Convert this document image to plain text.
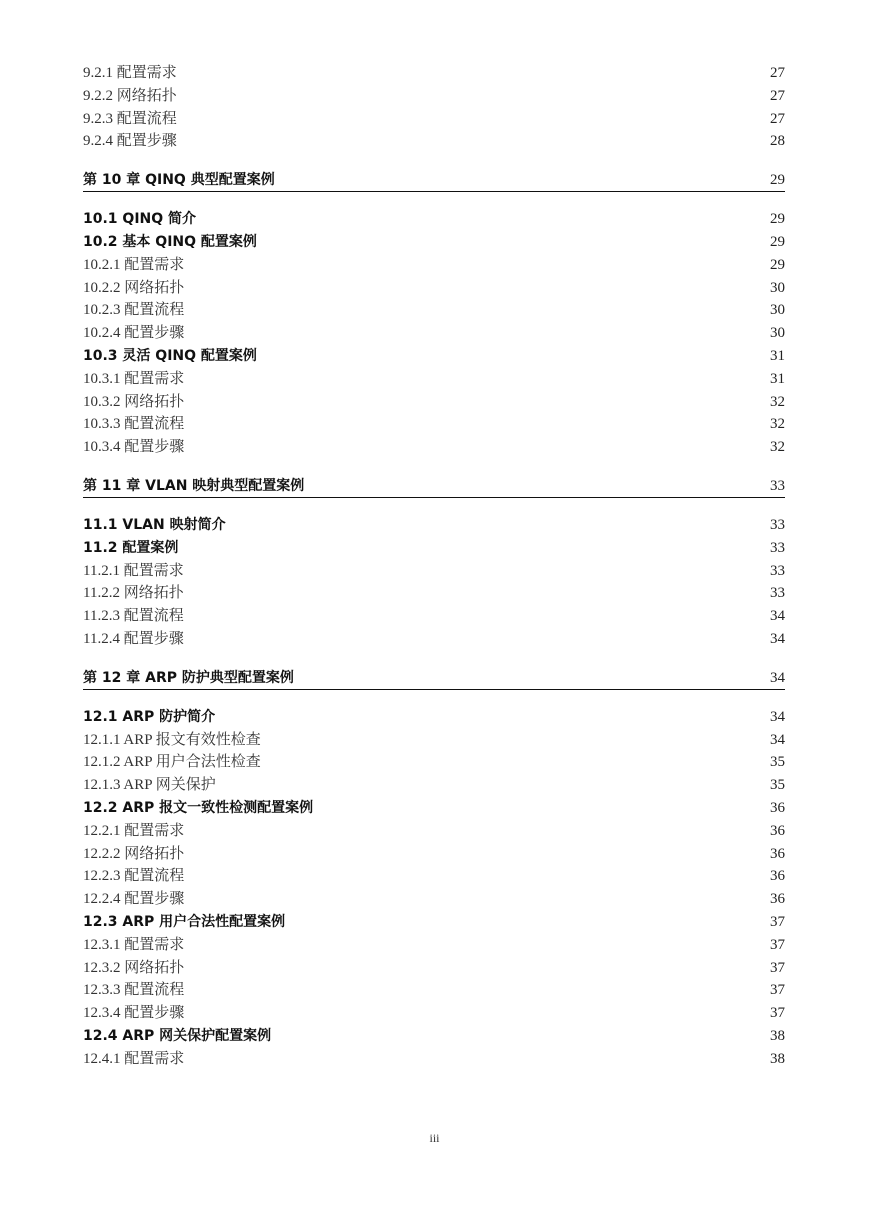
9.2.1 配置需求	27
9.2.2 网络拓扑	27
9.2.3 配置流程	27
9.2.4 配置步骤	28
第 10 章 QINQ 典型配置案例	29
10.1 QINQ 简介	29
10.2 基本 QINQ 配置案例	29
10.2.1 配置需求	29
10.2.2 网络拓扑	30
10.2.3 配置流程	30
10.2.4 配置步骤	30
10.3 灵活 QINQ 配置案例	31
10.3.1 配置需求	31
10.3.2 网络拓扑	32
10.3.3 配置流程	32
10.3.4 配置步骤	32
第 11 章 VLAN 映射典型配置案例	33
11.1 VLAN 映射简介	33
11.2 配置案例	33
11.2.1 配置需求	33
11.2.2 网络拓扑	33
11.2.3 配置流程	34
11.2.4 配置步骤	34
第 12 章 ARP 防护典型配置案例	34
12.1 ARP 防护简介	34
12.1.1 ARP 报文有效性检查	34
12.1.2 ARP 用户合法性检查	35
12.1.3 ARP 网关保护	35
12.2 ARP 报文一致性检测配置案例	36
12.2.1 配置需求	36
12.2.2 网络拓扑	36
12.2.3 配置流程	36
12.2.4 配置步骤	36
12.3 ARP 用户合法性配置案例	37
12.3.1 配置需求	37
12.3.2 网络拓扑	37
12.3.3 配置流程	37
12.3.4 配置步骤	37
12.4 ARP 网关保护配置案例	38
12.4.1 配置需求	38
iii
